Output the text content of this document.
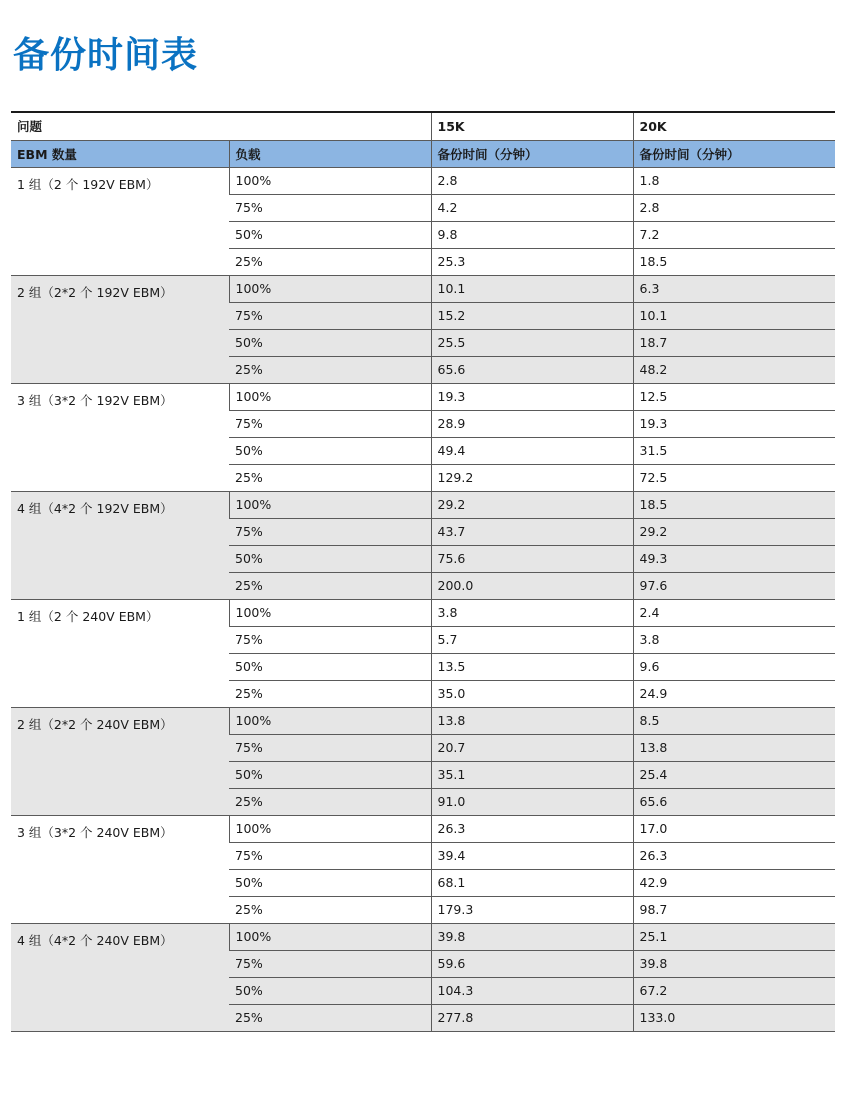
备份时间表
问题		15K	20K
EBM 数量	负载	备份时间（分钟）	备份时间（分钟）
1 组（2 个 192V EBM）	100%	2.8	1.8
	75%	4.2	2.8
	50%	9.8	7.2
	25%	25.3	18.5
2 组（2*2 个 192V EBM）	100%	10.1	6.3
	75%	15.2	10.1
	50%	25.5	18.7
	25%	65.6	48.2
3 组（3*2 个 192V EBM）	100%	19.3	12.5
	75%	28.9	19.3
	50%	49.4	31.5
	25%	129.2	72.5
4 组（4*2 个 192V EBM）	100%	29.2	18.5
	75%	43.7	29.2
	50%	75.6	49.3
	25%	200.0	97.6
1 组（2 个 240V EBM）	100%	3.8	2.4
	75%	5.7	3.8
	50%	13.5	9.6
	25%	35.0	24.9
2 组（2*2 个 240V EBM）	100%	13.8	8.5
	75%	20.7	13.8
	50%	35.1	25.4
	25%	91.0	65.6
3 组（3*2 个 240V EBM）	100%	26.3	17.0
	75%	39.4	26.3
	50%	68.1	42.9
	25%	179.3	98.7
4 组（4*2 个 240V EBM）	100%	39.8	25.1
	75%	59.6	39.8
	50%	104.3	67.2
	25%	277.8	133.0
